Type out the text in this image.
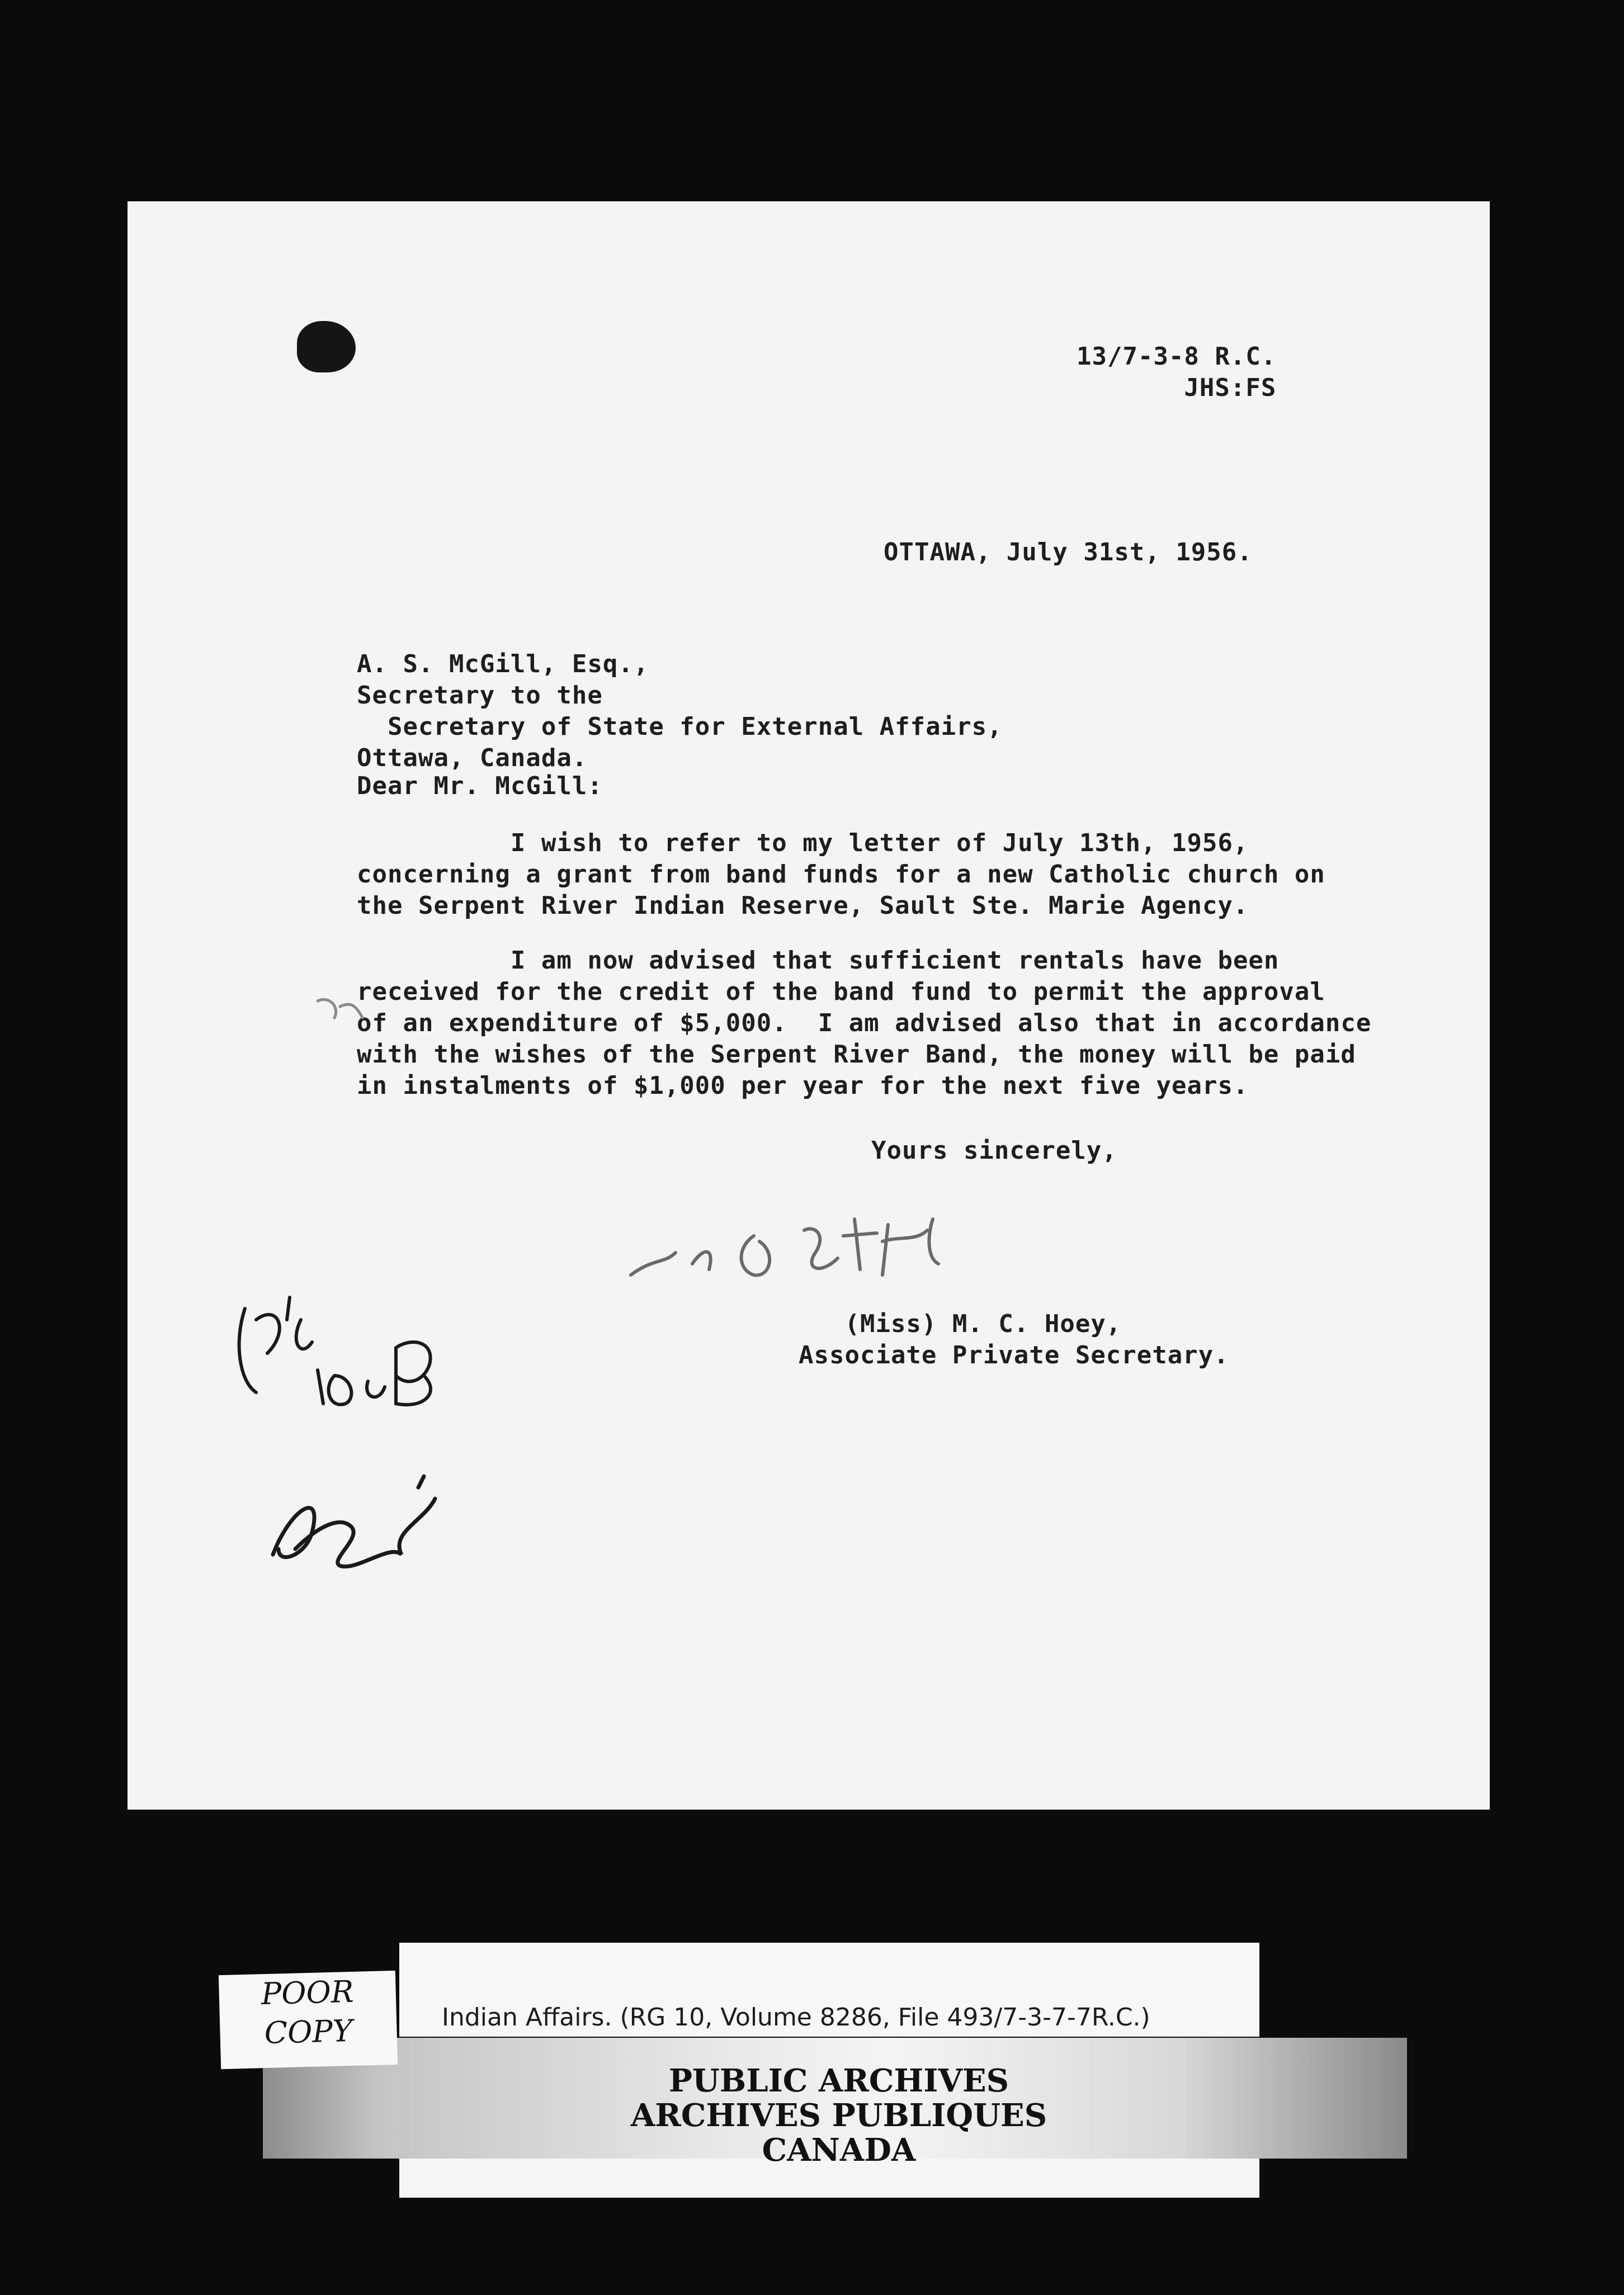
13/7-3-8 R.C.
JHS:FS
OTTAWA, July 31st, 1956.
A. S. McGill, Esq.,
Secretary to the
Secretary of State for External Affairs,
Ottawa, Canada.
Dear Mr. McGill:
I wish to refer to my letter of July 13th, 1956,
concerning a grant from band funds for a new Catholic church on
the Serpent River Indian Reserve, Sault Ste. Marie Agency.
I am now advised that sufficient rentals have been
received for the credit of the band fund to permit the approval
of an expenditure of $5,000.  I am advised also that in accordance
with the wishes of the Serpent River Band, the money will be paid
in instalments of $1,000 per year for the next five years.
Yours sincerely,
(Miss) M. C. Hoey,
Associate Private Secretary.

Indian Affairs. (RG 10, Volume 8286, File 493/7-3-7-7R.C.)

PUBLIC ARCHIVES
ARCHIVES PUBLIQUES
CANADA

POOR

COPY
